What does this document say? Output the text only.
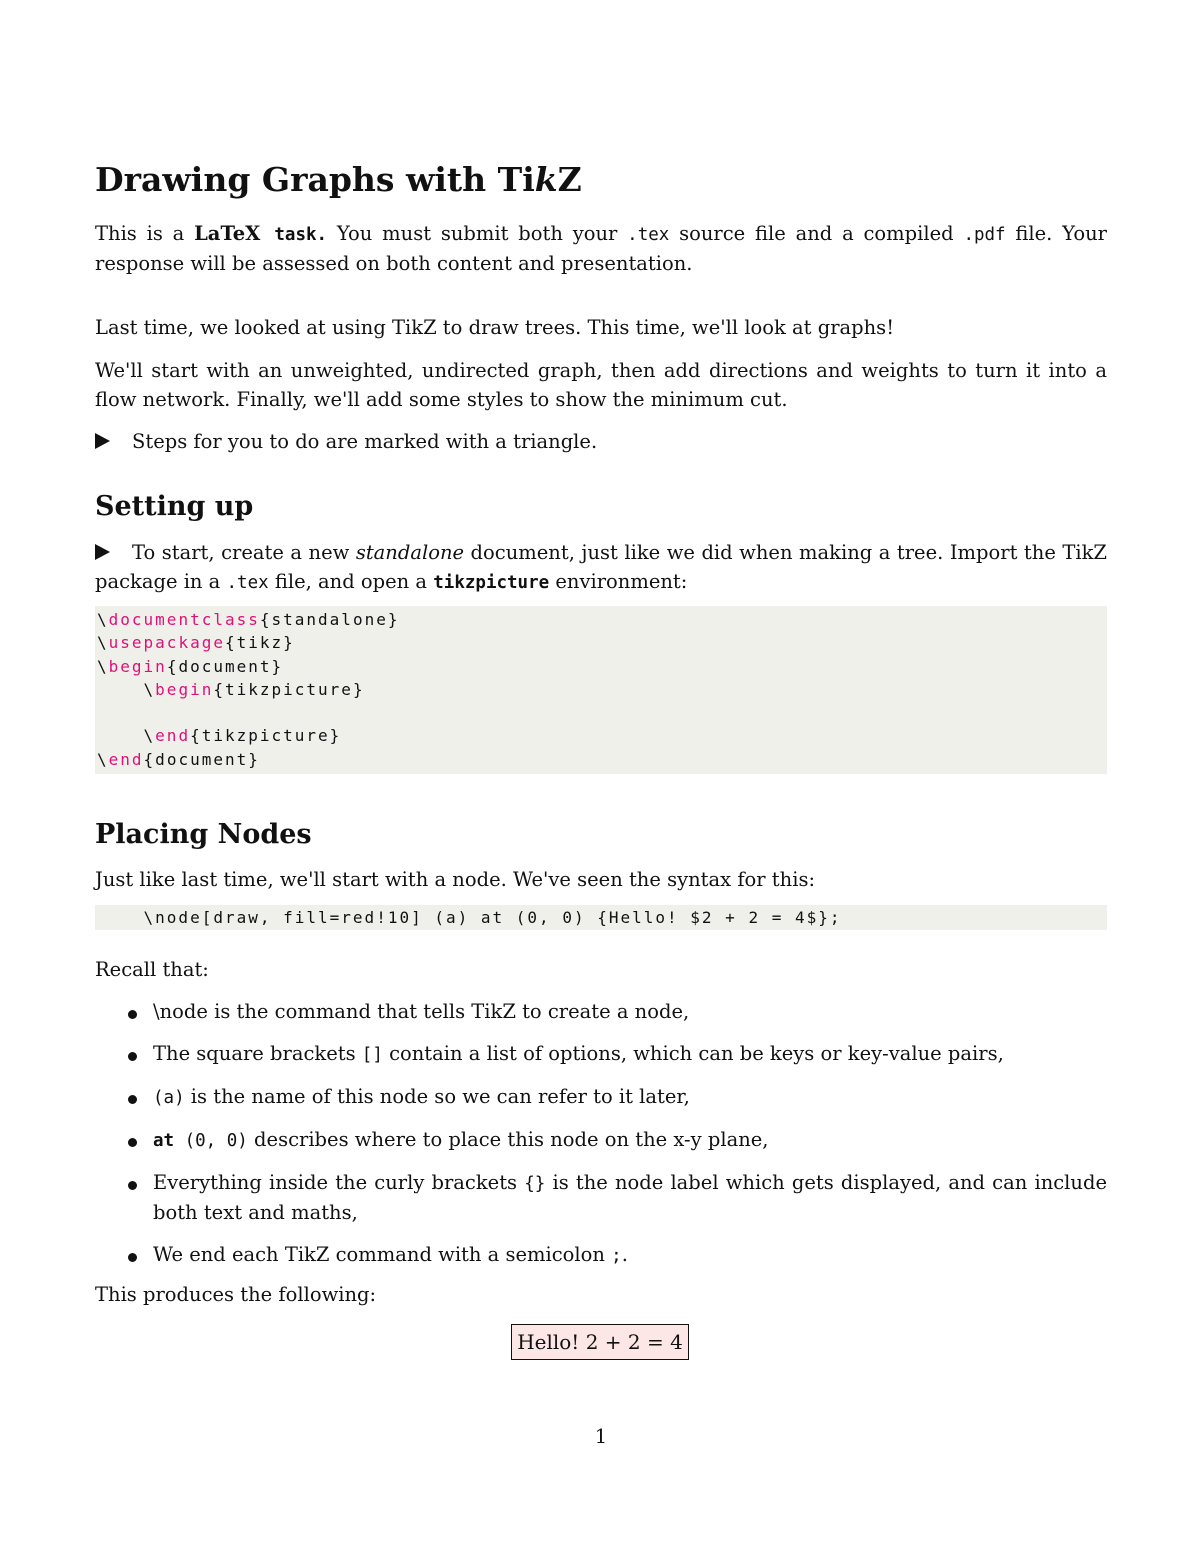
Drawing Graphs with TikZ

This is a LaTeX task. You must submit both your .tex source file and a compiled .pdf file. Your response will be assessed on both content and presentation.

Last time, we looked at using TikZ to draw trees. This time, we'll look at graphs!

We'll start with an unweighted, undirected graph, then add directions and weights to turn it into a flow network. Finally, we'll add some styles to show the minimum cut.

Steps for you to do are marked with a triangle.

Setting up

To start, create a new standalone document, just like we did when making a tree. Import the TikZ package in a .tex file, and open a tikzpicture environment:

\documentclass{standalone}
\usepackage{tikz}
\begin{document}
\begin{tikzpicture}

\end{tikzpicture}
\end{document}
Placing Nodes

Just like last time, we'll start with a node. We've seen the syntax for this:

\node[draw, fill=red!10] (a) at (0, 0) {Hello! $2 + 2 = 4$};

Recall that:

\node is the command that tells TikZ to create a node,
The square brackets [] contain a list of options, which can be keys or key-value pairs,
(a) is the name of this node so we can refer to it later,
at (0, 0) describes where to place this node on the x-y plane,
Everything inside the curly brackets {} is the node label which gets displayed, and can include both text and maths,
We end each TikZ command with a semicolon ;.

This produces the following:

Hello! 2 + 2 = 4
1
